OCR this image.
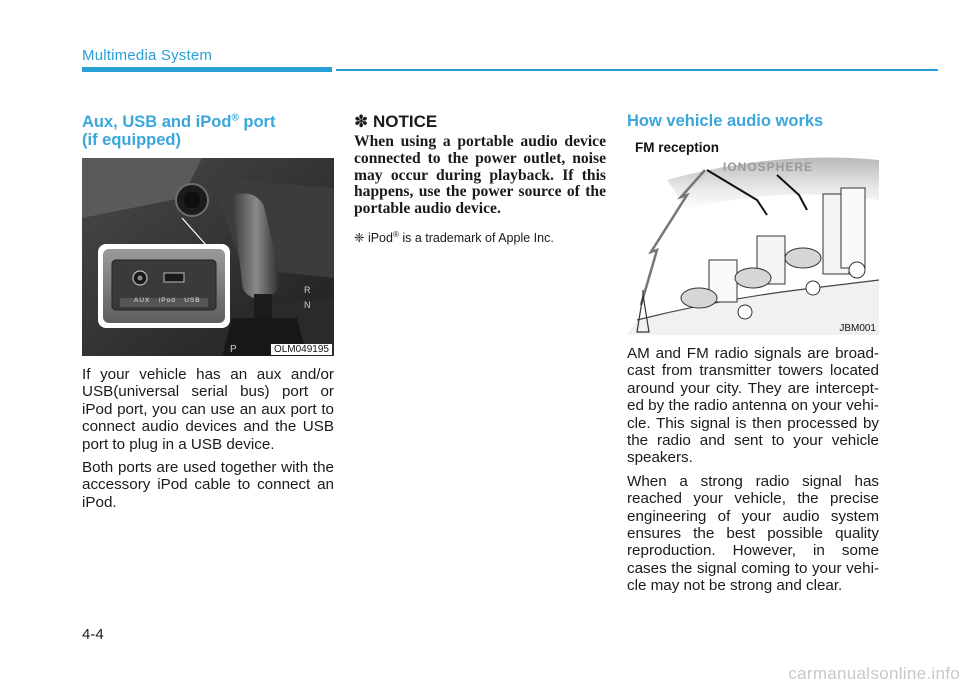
Multimedia System
Aux, USB and iPod® port
(if equipped)
R
N
P
AUX iPod USB
OLM049195

If your vehicle has an aux and/or USB(universal serial bus) port or iPod port, you can use an aux port to connect audio devices and the USB port to plug in a USB device.

Both ports are used together with the accessory iPod cable to connect an iPod.

✽ NOTICE
When using a portable audio device connected to the power outlet, noise may occur during playback. If this happens, use the power source of the portable audio device.
❈ iPod® is a trademark of Apple Inc.
How vehicle audio works
FM reception
IONOSPHERE
JBM001

AM and FM radio signals are broad-cast from transmitter towers located around your city. They are intercept-ed by the radio antenna on your vehi-cle. This signal is then processed by the radio and sent to your vehicle speakers.

When a strong radio signal has reached your vehicle, the precise engineering of your audio system ensures the best possible quality reproduction. However, in some cases the signal coming to your vehi-cle may not be strong and clear.

4-4
carmanualsonline.info
